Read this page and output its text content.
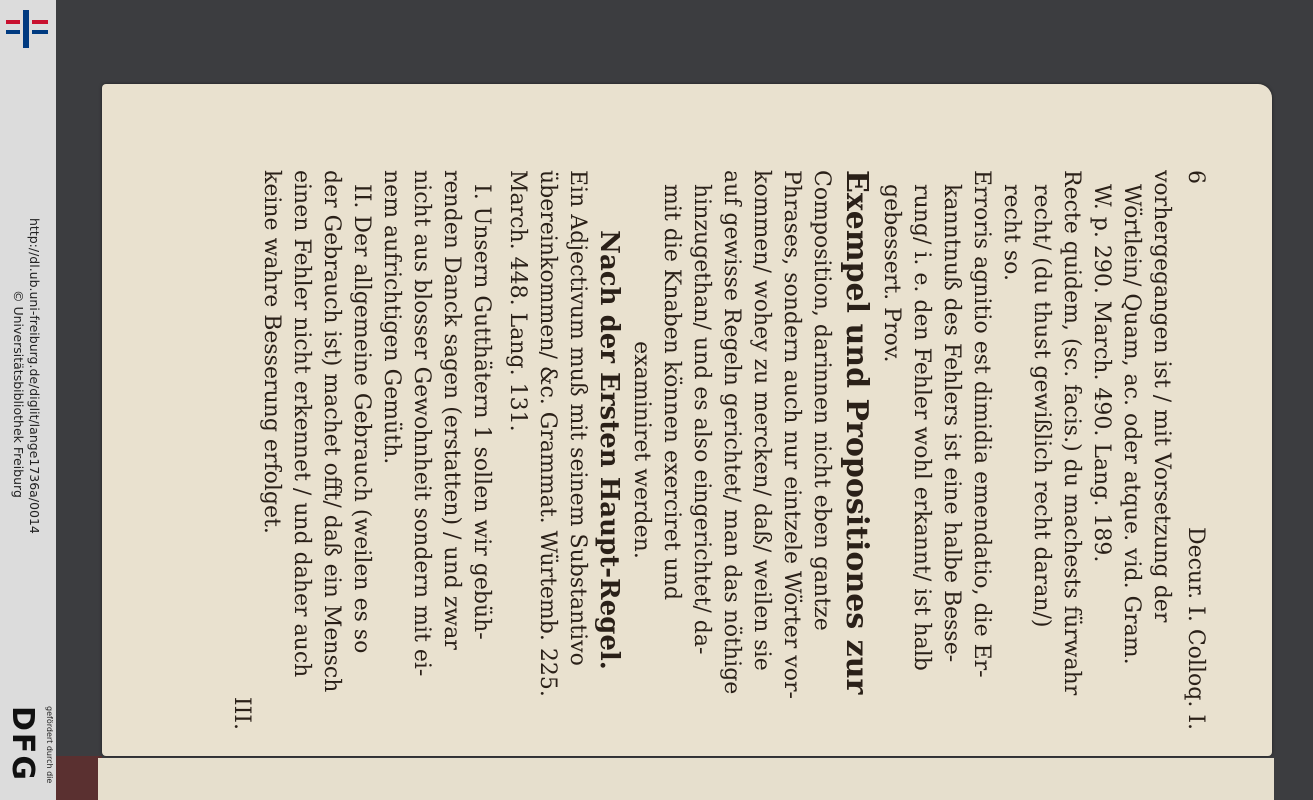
http://dl.ub.uni-freiburg.de/diglit/lange1736a/0014
© Universitätsbibliothek Freiburg
gefördert durch die
DFG
6
Decur. I. Colloq. I.
vorhergegangen ist / mit Vorsetzung der
Wörtlein/ Quam, ac. oder atque. vid. Gram.
W. p. 290. March. 490. Lang. 189.
Recte quidem, (sc. facis.) du machests fürwahr
recht/ (du thust gewißlich recht daran/)
recht so.
Erroris agnitio est dimidia emendatio, die Er-
kanntnuß des Fehlers ist eine halbe Besse-
rung/ i. e. den Fehler wohl erkannt/ ist halb
gebessert. Prov.
Exempel und Propositiones zur
Composition, darinnen nicht eben gantze
Phrases, sondern auch nur eintzele Wörter vor-
kommen/ wohey zu mercken/ daß/ weilen sie
auf gewisse Regeln gerichtet/ man das nöthige
hinzugethan/ und es also eingerichtet/ da-
mit die Knaben können exerciret und
examiniret werden.
Nach der Ersten Haupt-Regel.
Ein Adjectivum muß mit seinem Substantivo
übereinkommen/ &c. Grammat. Würtemb. 225.
March. 448. Lang. 131.
I. Unsern Gutthätern 1 sollen wir gebüh-
renden Danck sagen (erstatten) / und zwar
nicht aus blosser Gewohnheit sondern mit ei-
nem aufrichtigen Gemüth.
II. Der allgemeine Gebrauch (weilen es so
der Gebrauch ist) machet offt/ daß ein Mensch
einen Fehler nicht erkennet / und daher auch
keine wahre Besserung erfolget.
III.
